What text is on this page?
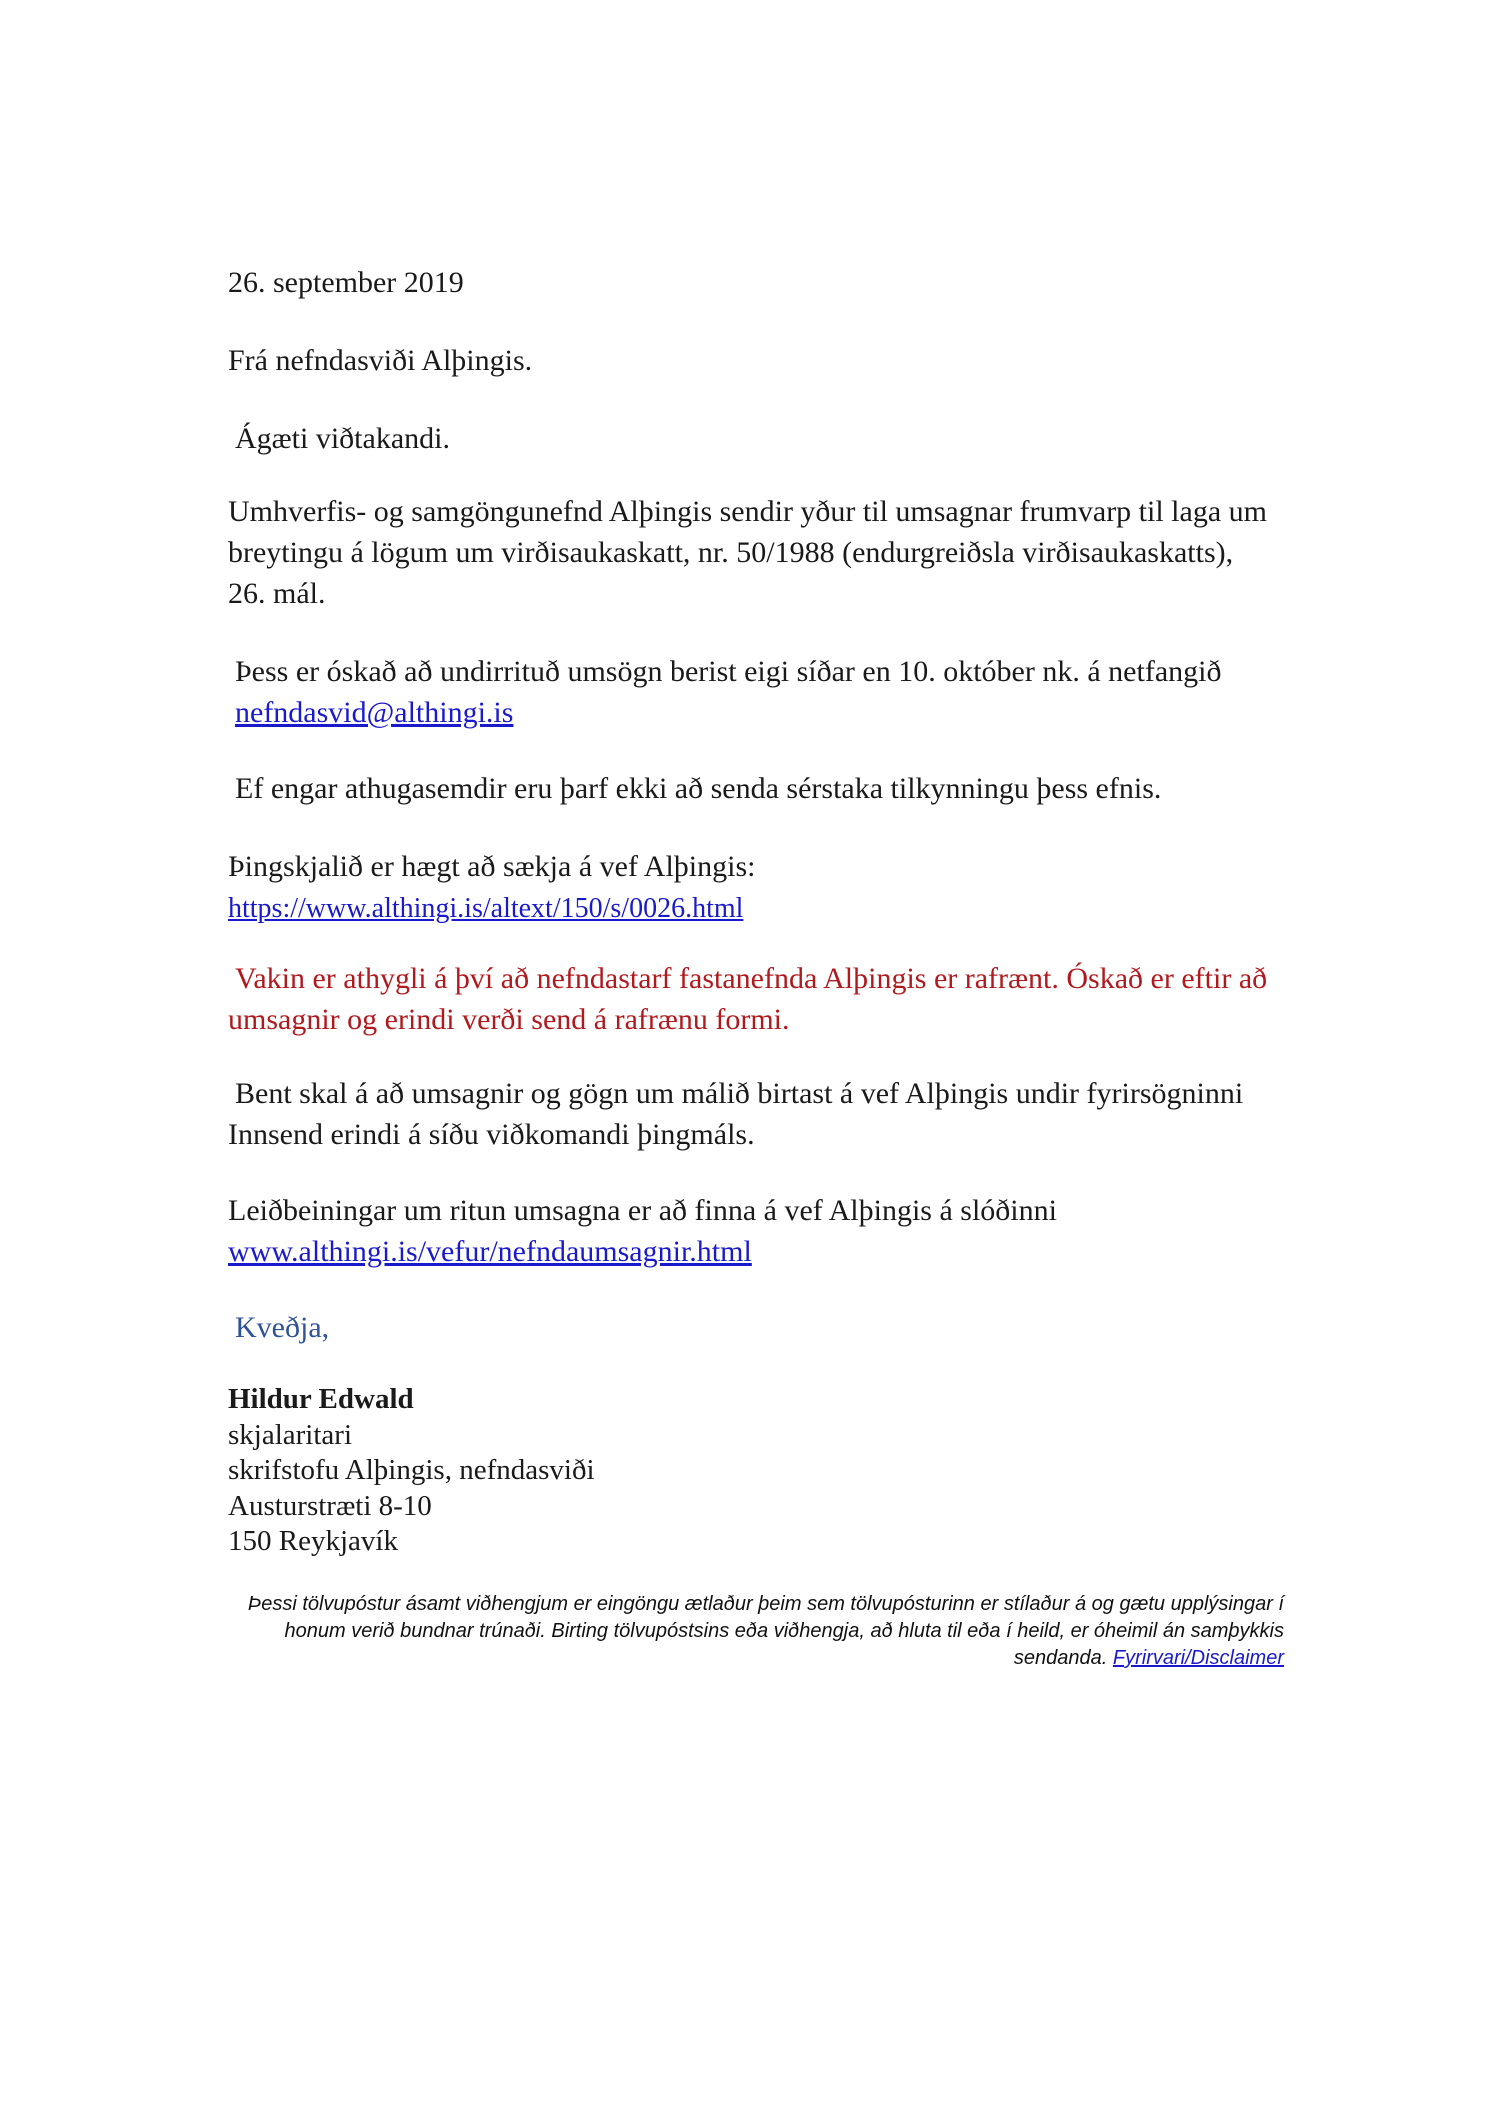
26. september 2019

Frá nefndasviði Alþingis.

Ágæti viðtakandi.

Umhverfis- og samgöngunefnd Alþingis sendir yður til umsagnar frumvarp til laga um breytingu á lögum um virðisaukaskatt, nr. 50/1988 (endurgreiðsla virðisaukaskatts), 26. mál.

Þess er óskað að undirrituð umsögn berist eigi síðar en 10. október nk. á netfangið nefndasvid@althingi.is

Ef engar athugasemdir eru þarf ekki að senda sérstaka tilkynningu þess efnis.

Þingskjalið er hægt að sækja á vef Alþingis:
https://www.althingi.is/altext/150/s/0026.html

Vakin er athygli á því að nefndastarf fastanefnda Alþingis er rafrænt. Óskað er eftir að umsagnir og erindi verði send á rafrænu formi.

Bent skal á að umsagnir og gögn um málið birtast á vef Alþingis undir fyrirsögninni Innsend erindi á síðu viðkomandi þingmáls.

Leiðbeiningar um ritun umsagna er að finna á vef Alþingis á slóðinni
www.althingi.is/vefur/nefndaumsagnir.html

Kveðja,

Hildur Edwald
skjalaritari
skrifstofu Alþingis, nefndasviði
Austurstræti 8-10
150 Reykjavík
Þessi tölvupóstur ásamt viðhengjum er eingöngu ætlaður þeim sem tölvupósturinn er stílaður á og gætu upplýsingar í honum verið bundnar trúnaði. Birting tölvupóstsins eða viðhengja, að hluta til eða í heild, er óheimil án samþykkis sendanda. Fyrirvari/Disclaimer
